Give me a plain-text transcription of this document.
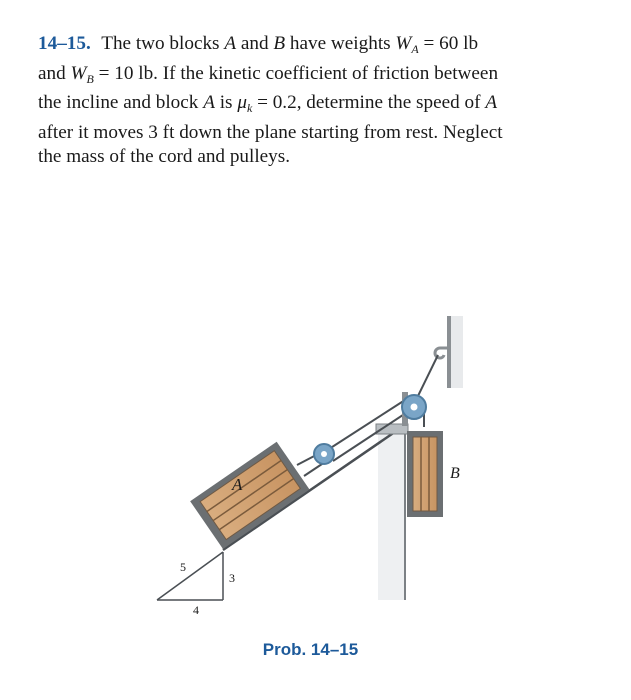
14–15. The two blocks A and B have weights $W_A = 60$ lb
and $W_B = 10$ lb. If the kinetic coefficient of friction between
the incline and block A is $\mu_k = 0.2$, determine the speed of A
after it moves 3 ft down the plane starting from rest. Neglect
the mass of the cord and pulleys.
A
B
5
3
4
Prob. 14–15
